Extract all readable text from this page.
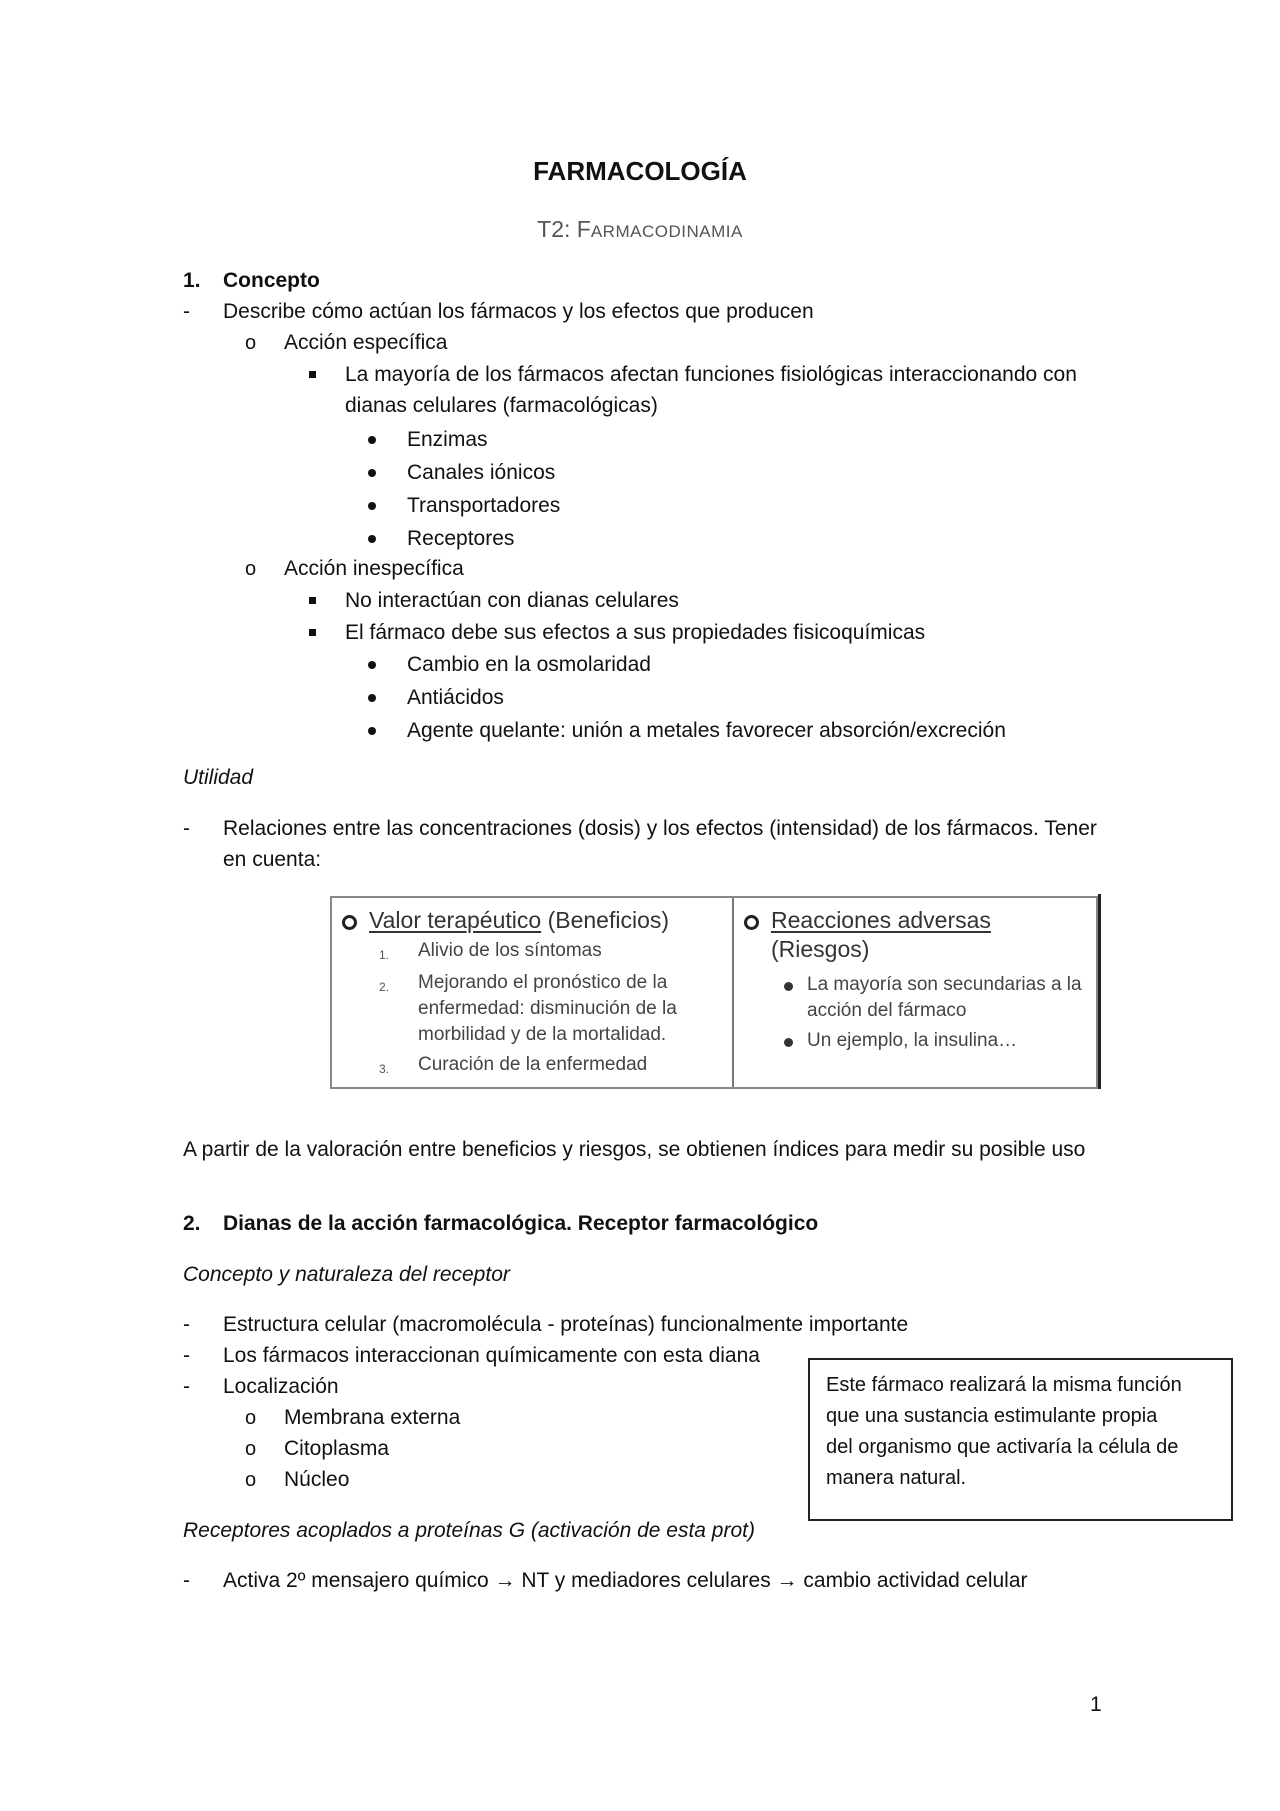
FARMACOLOGÍA
T2: FARMACODINAMIA
1. Concepto
- Describe cómo actúan los fármacos y los efectos que producen
o Acción específica
La mayoría de los fármacos afectan funciones fisiológicas interaccionando con
dianas celulares (farmacológicas)
Enzimas
Canales iónicos
Transportadores
Receptores
o Acción inespecífica
No interactúan con dianas celulares
El fármaco debe sus efectos a sus propiedades fisicoquímicas
Cambio en la osmolaridad
Antiácidos
Agente quelante: unión a metales favorecer absorción/excreción
Utilidad
- Relaciones entre las concentraciones (dosis) y los efectos (intensidad) de los fármacos. Tener
en cuenta:
Valor terapéutico (Beneficios)
1. Alivio de los síntomas
2. Mejorando el pronóstico de la
enfermedad: disminución de la
morbilidad y de la mortalidad.
3. Curación de la enfermedad
Reacciones adversas
(Riesgos)
La mayoría son secundarias a la
acción del fármaco
Un ejemplo, la insulina…
A partir de la valoración entre beneficios y riesgos, se obtienen índices para medir su posible uso
2. Dianas de la acción farmacológica. Receptor farmacológico
Concepto y naturaleza del receptor
- Estructura celular (macromolécula - proteínas) funcionalmente importante
- Los fármacos interaccionan químicamente con esta diana
- Localización
o Membrana externa
o Citoplasma
o Núcleo
Este fármaco realizará la misma función
que una sustancia estimulante propia
del organismo que activaría la célula de
manera natural.
Receptores acoplados a proteínas G (activación de esta prot)
- Activa 2º mensajero químico → NT y mediadores celulares → cambio actividad celular
1
